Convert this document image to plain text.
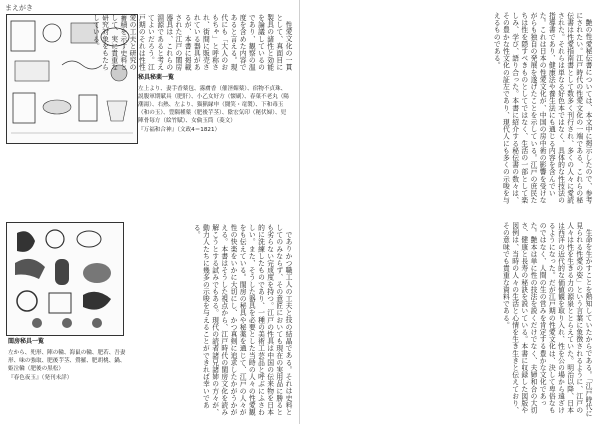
まえがき
秘具秘薬一覧
左上より、妻手香薬包、霧膚香（催淫媚薬）、宿物不貞珠、説腹軍期賦具（肥肝）、小乙女好方（懐刷）、春菓不老丸（陽潮湯）、右熱、左より、猫猟縁申（闘笑・竜製）、下和毒玉（和の玉）、豊隅種薬（肥後芋茎）、陰宏気印（秘伏婦）、児陣骨毎方（絵竹賦）、女倫玉筒（菱文）
『万福和合神』（文政4＝1821）
閨房秘具一覧
左から、兜形、陣の輪、海鼠の輪、肥若、吾妻形、味の強取、肥後芋茎、鶯羅、肥胡桃、鍋、姫泣輪（肥後の黒松）
『春色夜玉』（発刊未詳）

性愛文化の一貫として、真面目に製具の諸性と効能を論議しているのであり、観察の温度を含めた内容であると言える。現代にも「大人のおもちゃ」と呼称され、街間に販売されている器具があるが、本書に掲載された江戸の閨房器具は、これらの淵源であると考えてよいだろう。江戸期のそれは性性愛の工夫と研究の蓄積を示す史料として、実に貴重な研究対象をもたらしている。

でありかつ職工人の工夫と技の結晶である。それは史料としてのみならず、その意匠においても現在の実用品に勝るとも劣らない完成度を持つ。江戸の性具は中国の伝来物を日本的に洗練したものであり、一種の美術工芸品と呼ぶにふさわしい。また、そうした器具を必要とした当時の人々の性愛観をも伝えている。閨房の秘具や秘薬を通じて、江戸の人々が性の快楽をいかに大切にし、かつ真剣に追求したかがうかがえる。本書はそうした視点から、江戸時代の閨房文化を読み解こうとする試みでもある。現代の読者諸兄諸姉の方々が、動力人たちに幾多の示唆を与えることができれば幸いである。

艶の性愛秘伝書については、本文中に掲示したので、参考にされたい。江戸時代の性愛文化の一端である、これらの秘伝書は性愛指南書として数多く刊行され、多くの人々に愛読された。それらは単なる好色本ではなく、具体的な性技法の指導書であり、健康法や養生法にも通じる内容を含んでいた。これは日本の性愛文化が、中国の房中術の影響を受けながらも独自の発展を遂げたことを示している。江戸の庶民たちは性を隠すべきものとしてではなく、生活の一部として楽しみ、学び、語り合った。本書に紹介する秘伝書の数々は、その豊かな性文化の証左であり、現代人にも多くの示唆を与えるものである。

生命を生かすことを熱知していたからである。「江戸時代に見られる性愛の姿」という言葉に象徴されるように、江戸の人々は性を生きる力の源泉ととらえていた。明治以降、日本は西洋の近代的な価値観を取り入れ、性を公の場から遠ざけるようになった。だが江戸期の性愛文化は、決して卑俗なものではなく、人間の生の営みを肯定する豊かな文化であった。艶本は単に性の技法を説くだけでなく、夫婦和合の大切さ、健康と長寿の秘訣を説いている。本書に収録した図版や図例は、当時の人々の生活と心情を生き生きと伝えており、その意味でも貴重な資料である。
